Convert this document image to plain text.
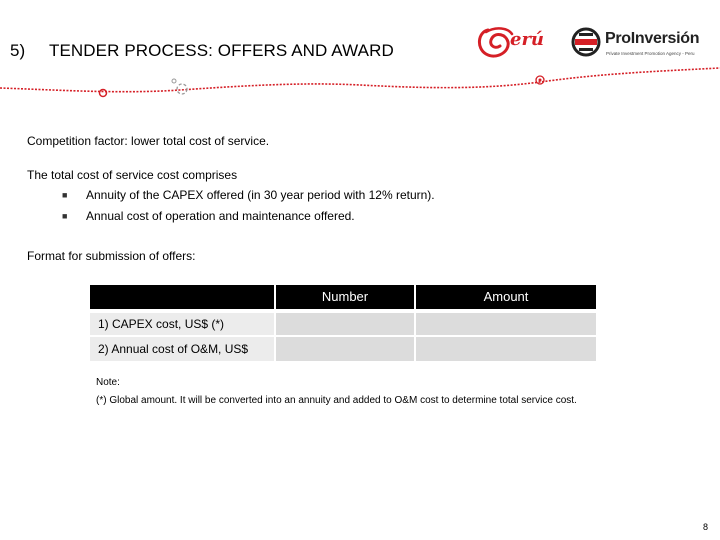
5) TENDER PROCESS: OFFERS AND AWARD
erú	ProInversión
Private Investment Promotion Agency - Peru
Competition factor: lower total cost of service.
The total cost of service cost comprises
■ Annuity of the CAPEX offered (in 30 year period with 12% return).
■ Annual cost of operation and maintenance offered.
Format for submission of offers:
Number	Amount
1) CAPEX cost, US$ (*)
2) Annual cost of O&M, US$
Note:
(*) Global amount. It will be converted into an annuity and added to O&M cost to determine total service cost.
8
